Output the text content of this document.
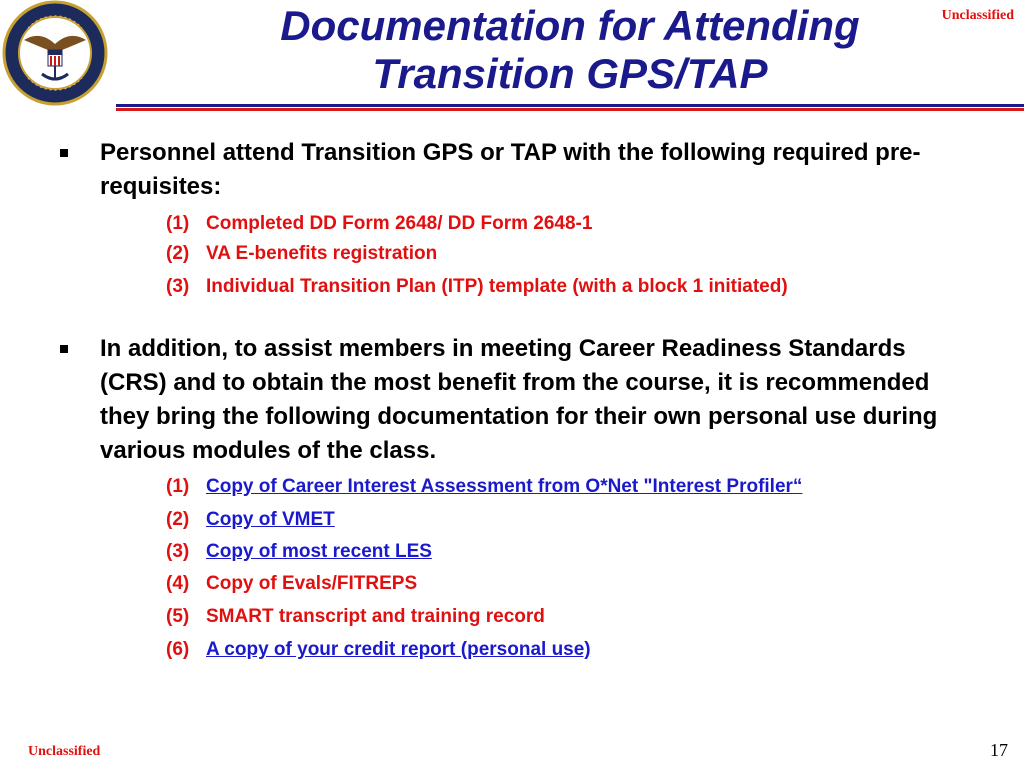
Documentation for Attending
Transition GPS/TAP
Unclassified
Personnel attend Transition GPS or TAP with the following required pre-requisites:
(1) Completed DD Form 2648/ DD Form 2648-1
(2) VA E-benefits registration
(3) Individual Transition Plan (ITP) template (with a block 1 initiated)
In addition, to assist members in meeting Career Readiness Standards (CRS) and to obtain the most benefit from the course, it is recommended they bring the following documentation for their own personal use during various modules of the class.
(1) Copy of Career Interest Assessment from O*Net "Interest Profiler“
(2) Copy of VMET
(3) Copy of most recent LES
(4) Copy of Evals/FITREPS
(5) SMART transcript and training record
(6) A copy of your credit report (personal use)
Unclassified	17
